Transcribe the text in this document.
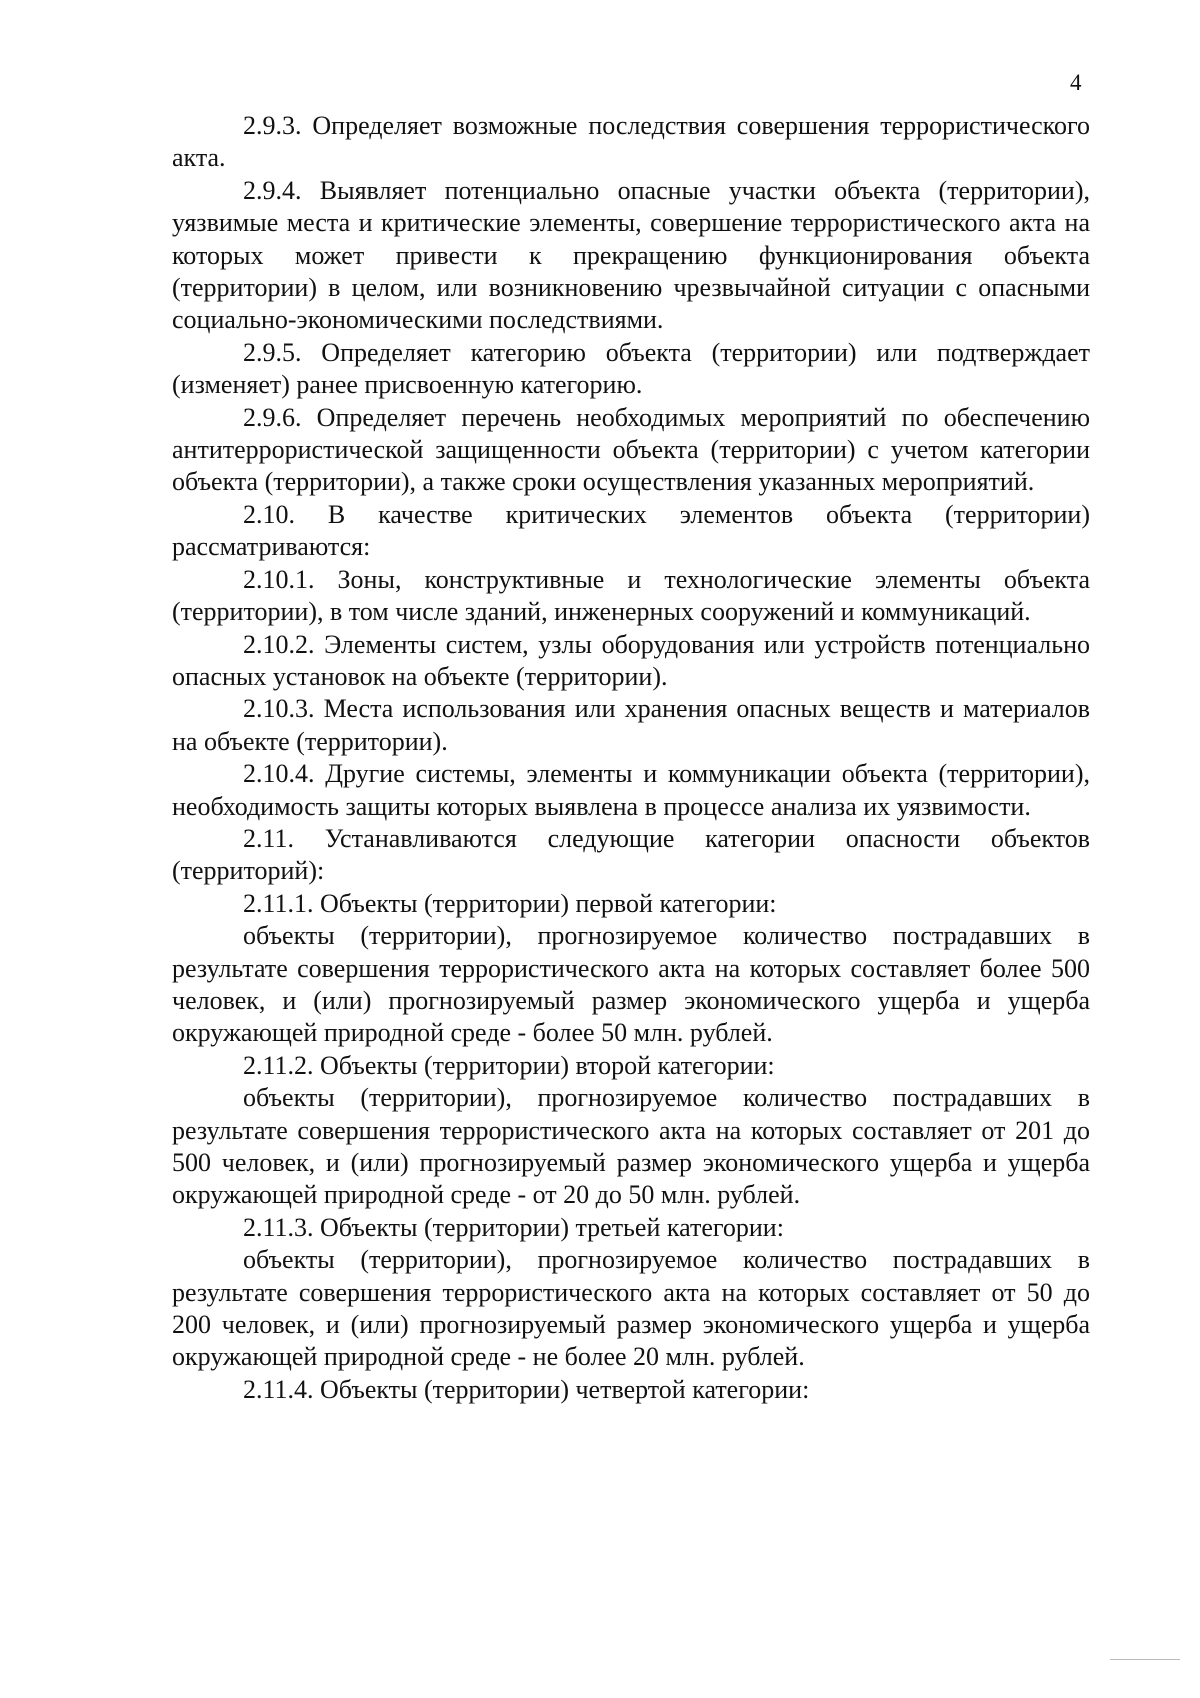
4

2.9.3. Определяет возможные последствия совершения террористического акта.

2.9.4. Выявляет потенциально опасные участки объекта (территории), уязвимые места и критические элементы, совершение террористического акта на которых может привести к прекращению функционирования объекта (территории) в целом, или возникновению чрезвычайной ситуации с опасными социально-экономическими последствиями.

2.9.5. Определяет категорию объекта (территории) или подтверждает (изменяет) ранее присвоенную категорию.

2.9.6. Определяет перечень необходимых мероприятий по обеспечению антитеррористической защищенности объекта (территории) с учетом категории объекта (территории), а также сроки осуществления указанных мероприятий.

2.10. В качестве критических элементов объекта (территории) рассматриваются:

2.10.1. Зоны, конструктивные и технологические элементы объекта (территории), в том числе зданий, инженерных сооружений и коммуникаций.

2.10.2. Элементы систем, узлы оборудования или устройств потенциально опасных установок на объекте (территории).

2.10.3. Места использования или хранения опасных веществ и материалов на объекте (территории).

2.10.4. Другие системы, элементы и коммуникации объекта (территории), необходимость защиты которых выявлена в процессе анализа их уязвимости.

2.11. Устанавливаются следующие категории опасности объектов (территорий):

2.11.1. Объекты (территории) первой категории:

объекты (территории), прогнозируемое количество пострадавших в результате совершения террористического акта на которых составляет более 500 человек, и (или) прогнозируемый размер экономического ущерба и ущерба окружающей природной среде - более 50 млн. рублей.

2.11.2. Объекты (территории) второй категории:

объекты (территории), прогнозируемое количество пострадавших в результате совершения террористического акта на которых составляет от 201 до 500 человек, и (или) прогнозируемый размер экономического ущерба и ущерба окружающей природной среде - от 20 до 50 млн. рублей.

2.11.3. Объекты (территории) третьей категории:

объекты (территории), прогнозируемое количество пострадавших в результате совершения террористического акта на которых составляет от 50 до 200 человек, и (или) прогнозируемый размер экономического ущерба и ущерба окружающей природной среде - не более 20 млн. рублей.

2.11.4. Объекты (территории) четвертой категории:
